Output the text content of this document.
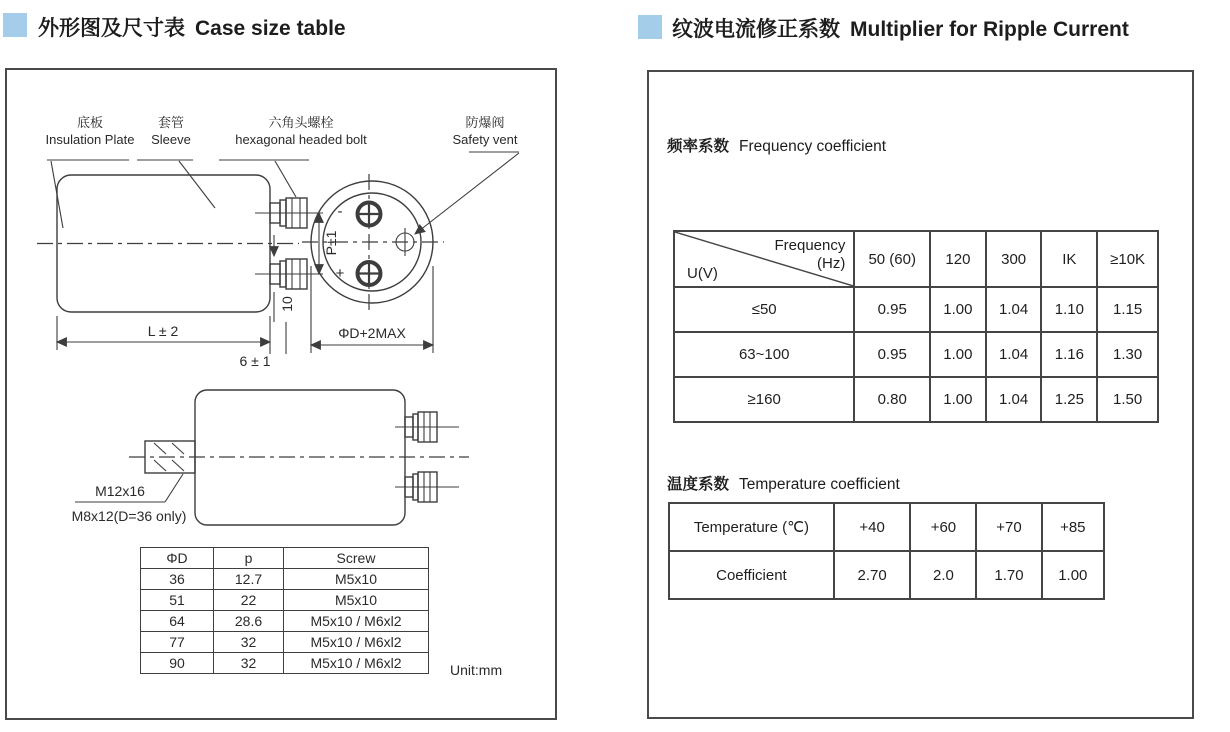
外形图及尺寸表 Case size table	纹波电流修正系数 Multiplier for Ripple Current
底板
Insulation Plate
套管
Sleeve
六角头螺栓
hexagonal headed bolt
防爆阀
Safety vent
-
+
P±1
10
L ± 2
6 ± 1
ΦD+2MAX
M12x16
M8x12(D=36 only)
ΦD	p	Screw
36	12.7	M5x10
51	22	M5x10
64	28.6	M5x10 / M6xl2
77	32	M5x10 / M6xl2
90	32	M5x10 / M6xl2	Unit:mm
频率系数 Frequency coefficient
Frequency
(Hz)
U(V)	50 (60)	120	300	IK	≥10K
≤50	0.95	1.00	1.04	1.10	1.15
63~100	0.95	1.00	1.04	1.16	1.30
≥160	0.80	1.00	1.04	1.25	1.50
温度系数 Temperature coefficient
Temperature (℃)	+40	+60	+70	+85
Coefficient	2.70	2.0	1.70	1.00
